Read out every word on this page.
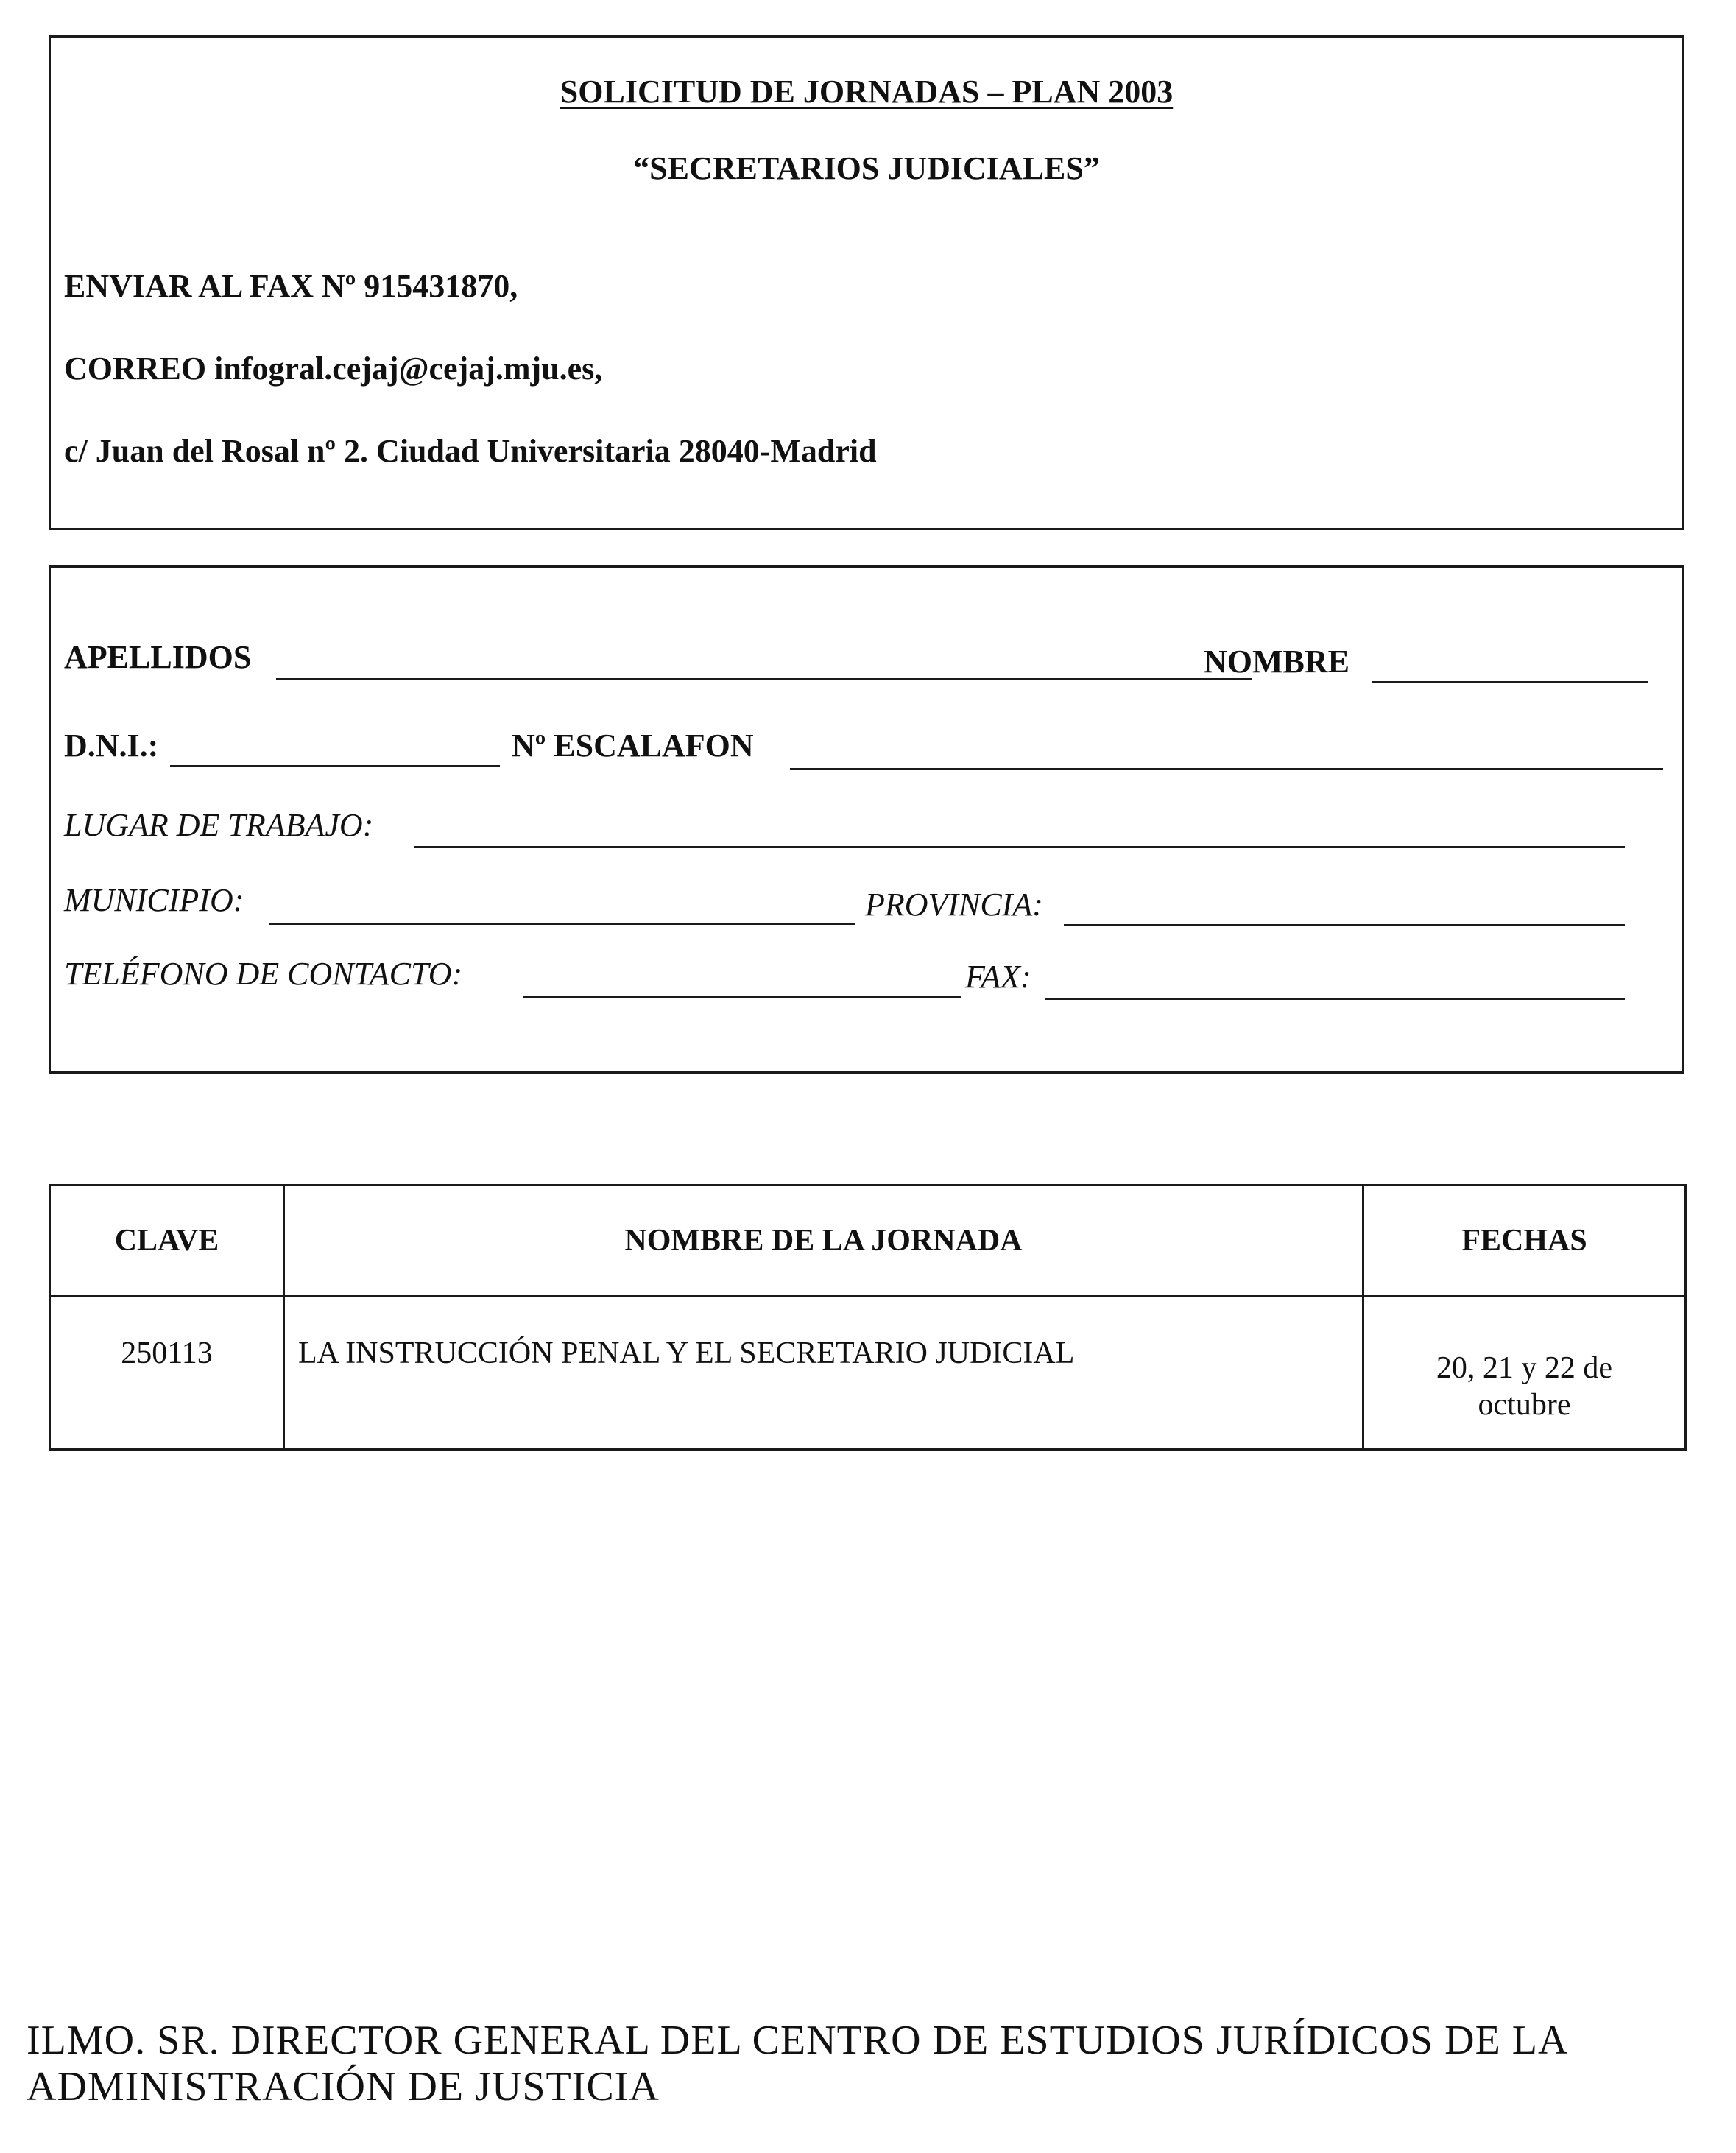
SOLICITUD DE JORNADAS – PLAN 2003
“SECRETARIOS JUDICIALES”
ENVIAR AL FAX Nº 915431870,
CORREO infogral.cejaj@cejaj.mju.es,
c/ Juan del Rosal nº 2. Ciudad Universitaria 28040-Madrid
APELLIDOS	NOMBRE
D.N.I.:	Nº ESCALAFON
LUGAR DE TRABAJO:
MUNICIPIO:	PROVINCIA:
TELÉFONO DE CONTACTO:	FAX:
CLAVE	NOMBRE DE LA JORNADA	FECHAS
250113	LA INSTRUCCIÓN PENAL Y EL SECRETARIO JUDICIAL	20, 21 y 22 de
octubre
ILMO. SR. DIRECTOR GENERAL DEL CENTRO DE ESTUDIOS JURÍDICOS DE LA ADMINISTRACIÓN DE JUSTICIA
